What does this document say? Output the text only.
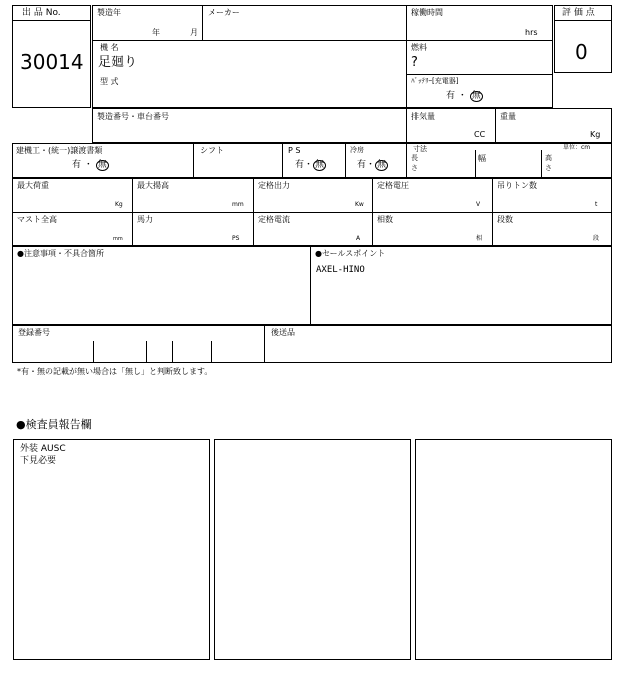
出 品 No.
30014
製造年
年	月
メーカー	稼働時間
hrs
機 名
足廻り
型 式
燃料
?
ﾊﾞｯﾃﾘｰ[充電器]
有 ・ 無
評 価 点
0
製造番号・車台番号	排気量
CC
重量
Kg
建機工・(統一)譲渡書類
有 ・ 無
シフト	P S
有・ 無
冷房
有・ 無
寸法	単位：cm
長
さ
幅	高
さ
最大荷重
Kg
最大揚高
mm
定格出力
Kw
定格電圧
V
吊りトン数
t
マスト全高
mm
馬力
PS
定格電流
A
相数
相
段数
段
●注意事項・不具合箇所	●セールスポイント
AXEL-HINO
登録番号	後送品
*有・無の記載が無い場合は「無し」と判断致します。
●検査員報告欄
外装 AUSC
下見必要
